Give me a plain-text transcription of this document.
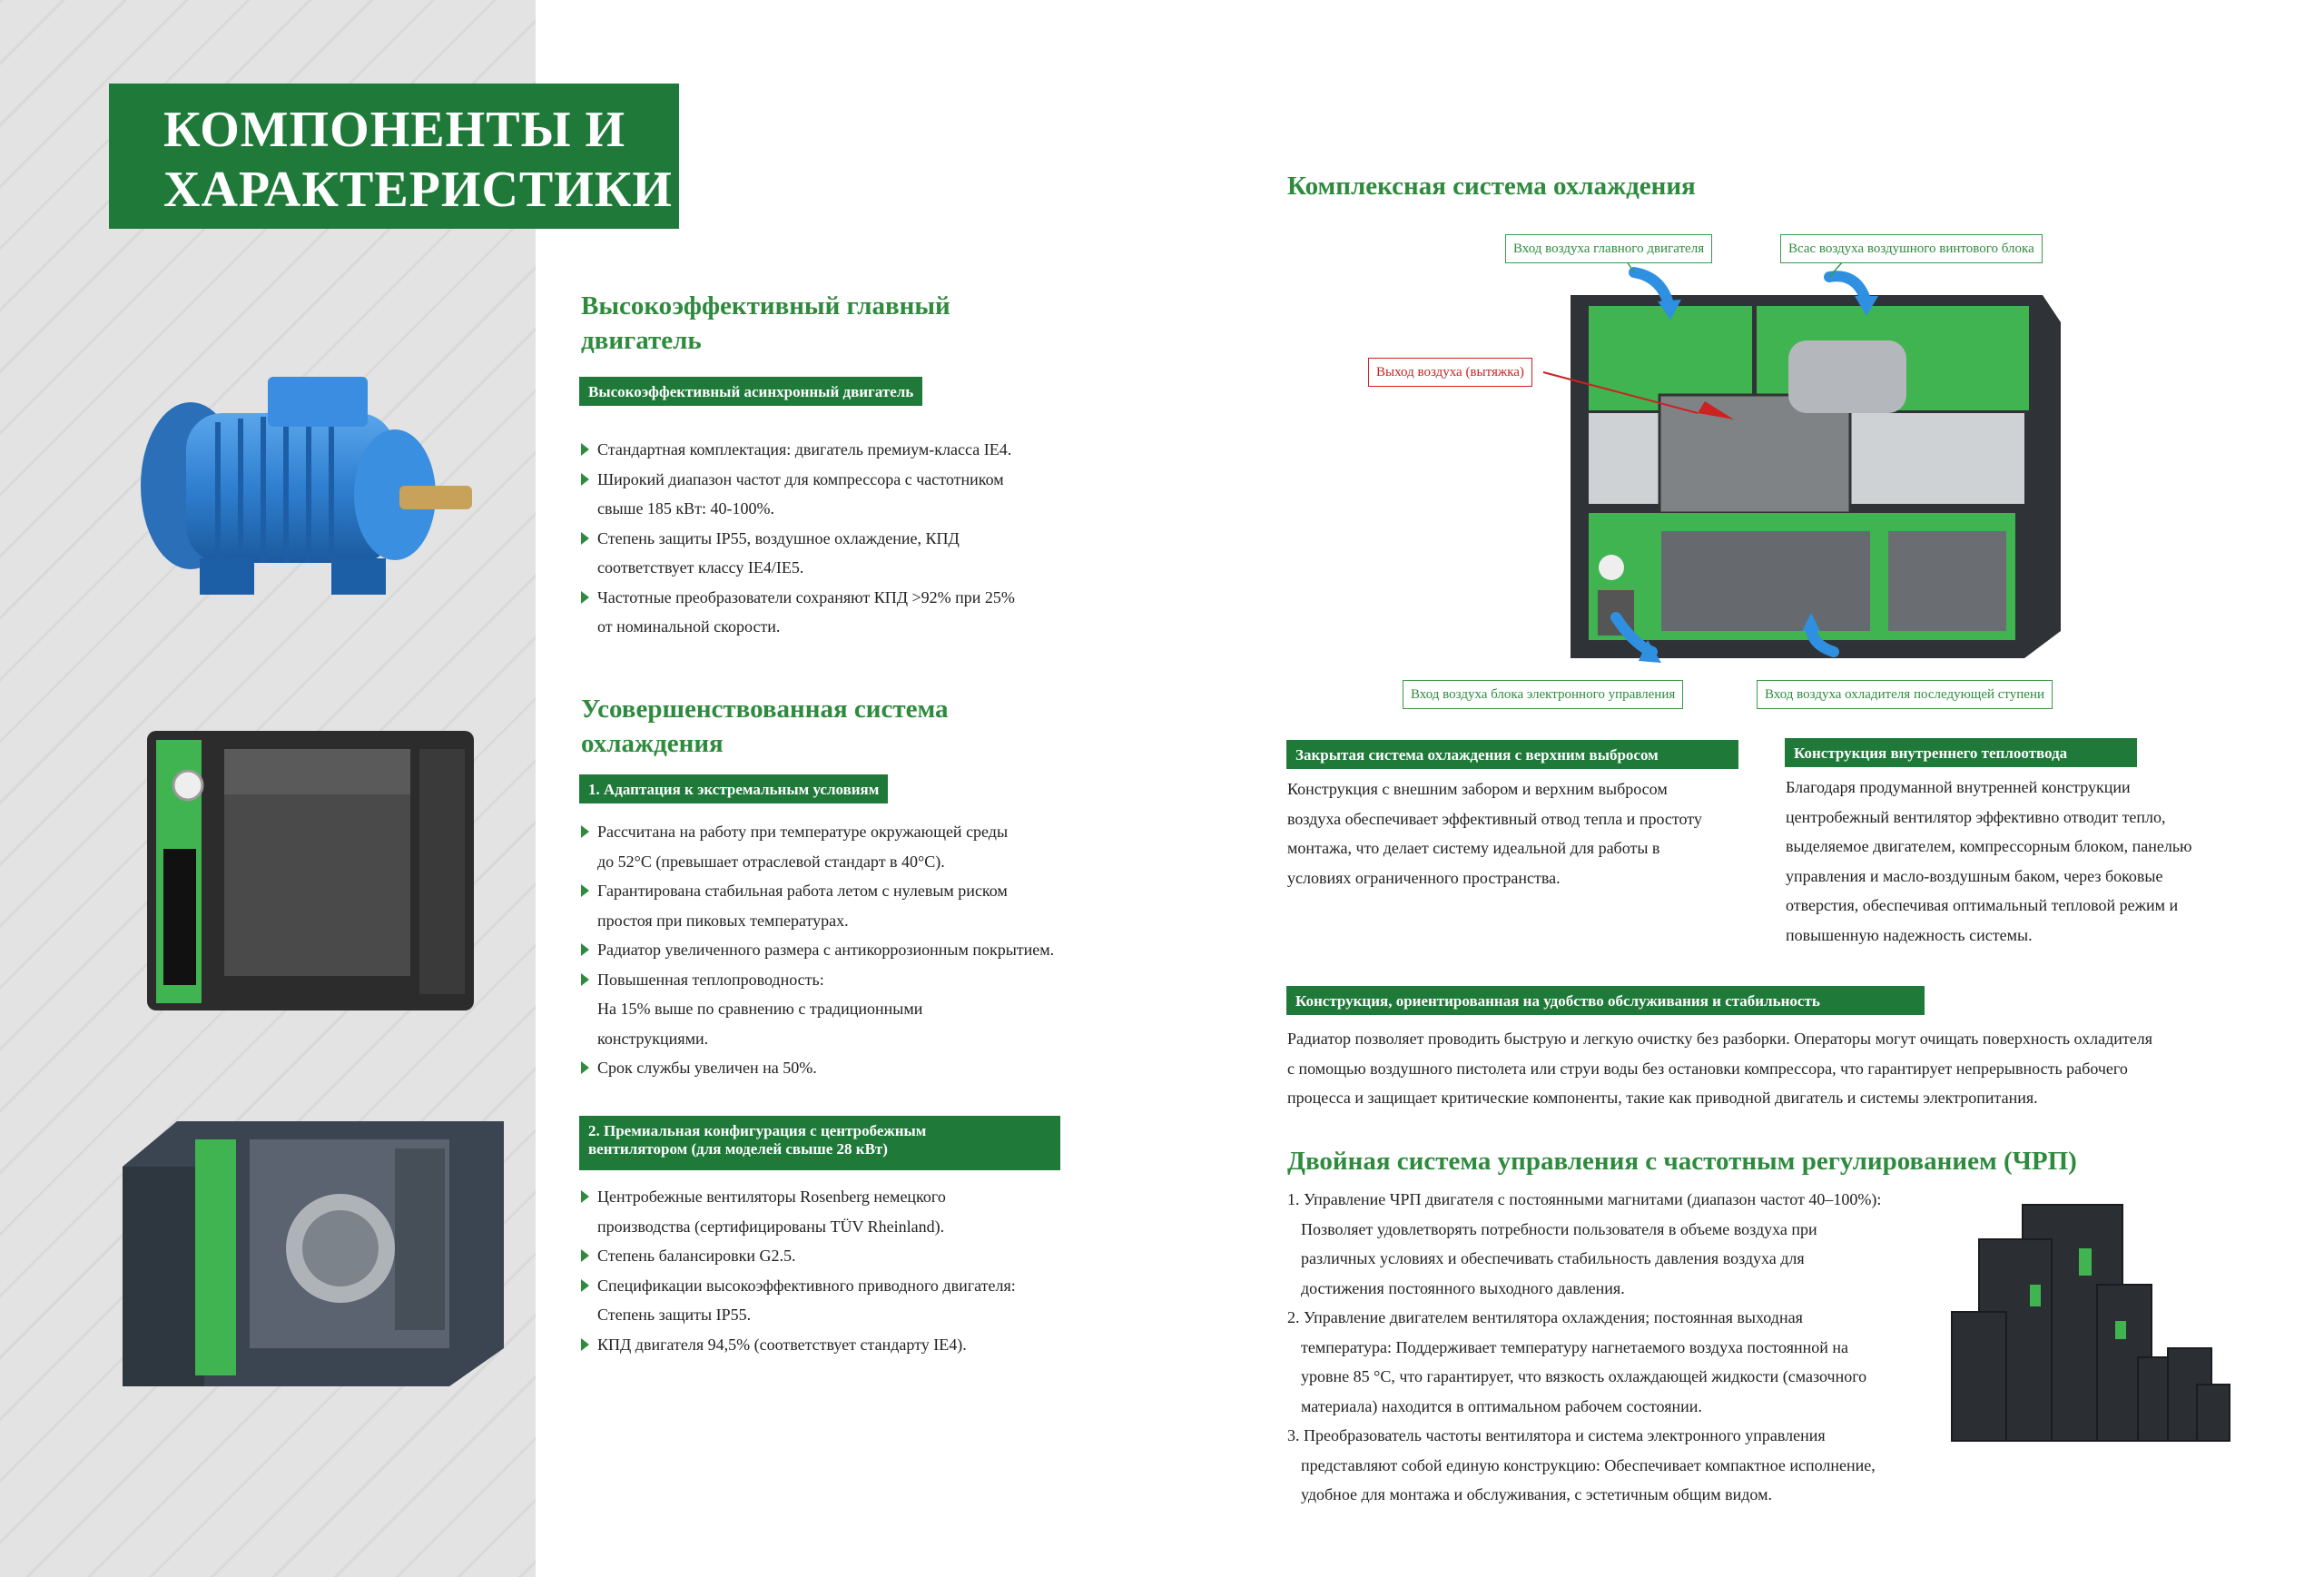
КОМПОНЕНТЫ И
ХАРАКТЕРИСТИКИ
Высокоэффективный главный
двигатель
Высокоэффективный асинхронный двигатель
Стандартная комплектация: двигатель премиум-класса IE4.
Широкий диапазон частот для компрессора с частотником
свыше 185 кВт: 40-100%.
Степень защиты IP55, воздушное охлаждение, КПД
соответствует классу IE4/IE5.
Частотные преобразователи сохраняют КПД >92% при 25%
от номинальной скорости.
Усовершенствованная система
охлаждения
1. Адаптация к экстремальным условиям
Рассчитана на работу при температуре окружающей среды
до 52°C (превышает отраслевой стандарт в 40°C).
Гарантирована стабильная работа летом с нулевым риском
простоя при пиковых температурах.
Радиатор увеличенного размера с антикоррозионным покрытием.
Повышенная теплопроводность:
На 15% выше по сравнению с традиционными
конструкциями.
Срок службы увеличен на 50%.
2. Премиальная конфигурация с центробежным
вентилятором (для моделей свыше 28 кВт)
Центробежные вентиляторы Rosenberg немецкого
производства (сертифицированы TÜV Rheinland).
Степень балансировки G2.5.
Спецификации высокоэффективного приводного двигателя:
Степень защиты IP55.
КПД двигателя 94,5% (соответствует стандарту IE4).
Комплексная система охлаждения
Вход воздуха главного двигателя	Всас воздуха воздушного винтового блока
Выход воздуха (вытяжка)
Вход воздуха блока электронного управления	Вход воздуха охладителя последующей ступени
Закрытая система охлаждения с верхним выбросом
Конструкция с внешним забором и верхним выбросом
воздуха обеспечивает эффективный отвод тепла и простоту
монтажа, что делает систему идеальной для работы в
условиях ограниченного пространства.
Конструкция внутреннего теплоотвода
Благодаря продуманной внутренней конструкции
центробежный вентилятор эффективно отводит тепло,
выделяемое двигателем, компрессорным блоком, панелью
управления и масло-воздушным баком, через боковые
отверстия, обеспечивая оптимальный тепловой режим и
повышенную надежность системы.
Конструкция, ориентированная на удобство обслуживания и стабильность
Радиатор позволяет проводить быструю и легкую очистку без разборки. Операторы могут очищать поверхность охладителя
с помощью воздушного пистолета или струи воды без остановки компрессора, что гарантирует непрерывность рабочего
процесса и защищает критические компоненты, такие как приводной двигатель и системы электропитания.
Двойная система управления с частотным регулированием (ЧРП)
1. Управление ЧРП двигателя с постоянными магнитами (диапазон частот 40–100%):
Позволяет удовлетворять потребности пользователя в объеме воздуха при
различных условиях и обеспечивать стабильность давления воздуха для
достижения постоянного выходного давления.
2. Управление двигателем вентилятора охлаждения; постоянная выходная
температура: Поддерживает температуру нагнетаемого воздуха постоянной на
уровне 85 °C, что гарантирует, что вязкость охлаждающей жидкости (смазочного
материала) находится в оптимальном рабочем состоянии.
3. Преобразователь частоты вентилятора и система электронного управления
представляют собой единую конструкцию: Обеспечивает компактное исполнение,
удобное для монтажа и обслуживания, с эстетичным общим видом.
